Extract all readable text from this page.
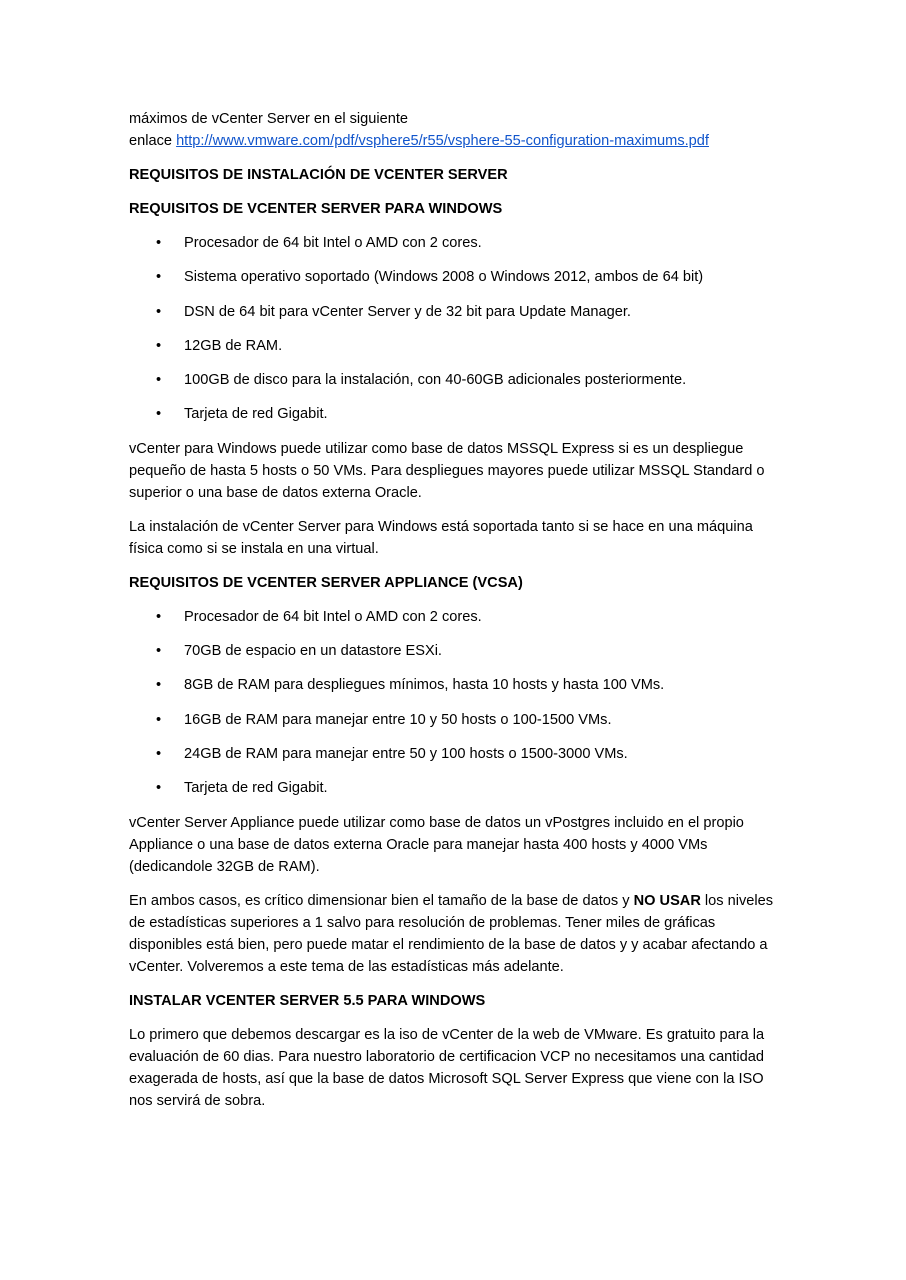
máximos de vCenter Server en el siguiente
enlace http://www.vmware.com/pdf/vsphere5/r55/vsphere-55-configuration-maximums.pdf

REQUISITOS DE INSTALACIÓN DE VCENTER SERVER

REQUISITOS DE VCENTER SERVER PARA WINDOWS

• Procesador de 64 bit Intel o AMD con 2 cores.
• Sistema operativo soportado (Windows 2008 o Windows 2012, ambos de 64 bit)
• DSN de 64 bit para vCenter Server y de 32 bit para Update Manager.
• 12GB de RAM.
• 100GB de disco para la instalación, con 40-60GB adicionales posteriormente.
• Tarjeta de red Gigabit.

vCenter para Windows puede utilizar como base de datos MSSQL Express si es un despliegue pequeño de hasta 5 hosts o 50 VMs. Para despliegues mayores puede utilizar MSSQL Standard o superior o una base de datos externa Oracle.

La instalación de vCenter Server para Windows está soportada tanto si se hace en una máquina física como si se instala en una virtual.

REQUISITOS DE VCENTER SERVER APPLIANCE (VCSA)

• Procesador de 64 bit Intel o AMD con 2 cores.
• 70GB de espacio en un datastore ESXi.
• 8GB de RAM para despliegues mínimos, hasta 10 hosts y hasta 100 VMs.
• 16GB de RAM para manejar entre 10 y 50 hosts o 100-1500 VMs.
• 24GB de RAM para manejar entre 50 y 100 hosts o 1500-3000 VMs.
• Tarjeta de red Gigabit.

vCenter Server Appliance puede utilizar como base de datos un vPostgres incluido en el propio Appliance o una base de datos externa Oracle para manejar hasta 400 hosts y 4000 VMs (dedicandole 32GB de RAM).

En ambos casos, es crítico dimensionar bien el tamaño de la base de datos y NO USAR los niveles de estadísticas superiores a 1 salvo para resolución de problemas. Tener miles de gráficas disponibles está bien, pero puede matar el rendimiento de la base de datos y y acabar afectando a vCenter. Volveremos a este tema de las estadísticas más adelante.

INSTALAR VCENTER SERVER 5.5 PARA WINDOWS

Lo primero que debemos descargar es la iso de vCenter de la web de VMware. Es gratuito para la evaluación de 60 dias. Para nuestro laboratorio de certificacion VCP no necesitamos una cantidad exagerada de hosts, así que la base de datos Microsoft SQL Server Express que viene con la ISO nos servirá de sobra.
